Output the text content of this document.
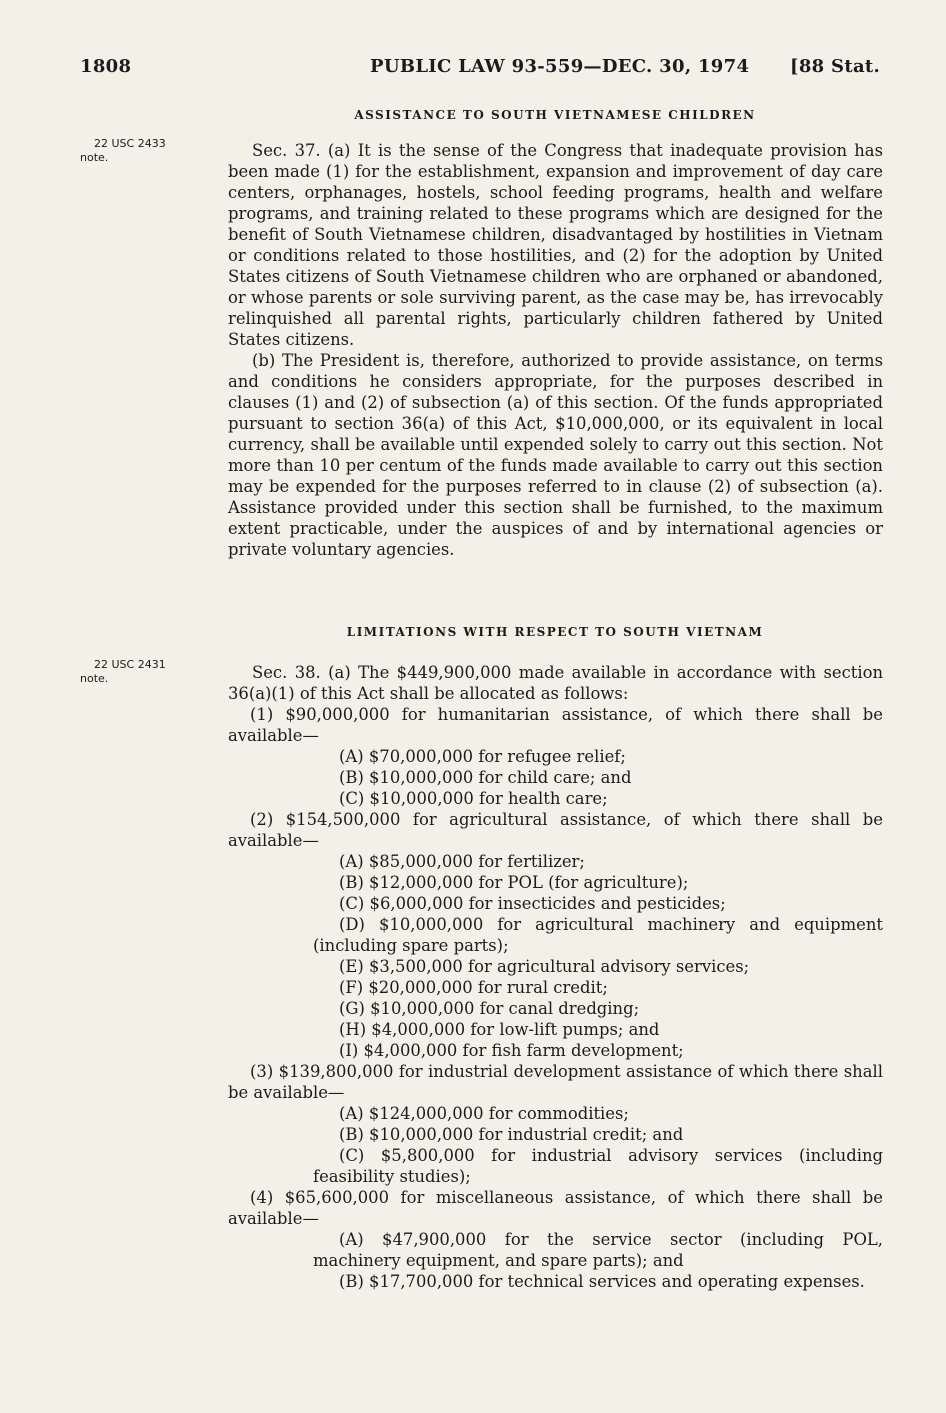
1808	PUBLIC LAW 93-559—DEC. 30, 1974 [88 Stat.
ASSISTANCE TO SOUTH VIETNAMESE CHILDREN
22 USC 2433
note.	Sec. 37. (a) It is the sense of the Congress that inadequate provision has been made (1) for the establishment, expansion and improvement of day care centers, orphanages, hostels, school feeding programs, health and welfare programs, and training related to these programs which are designed for the benefit of South Vietnamese children, disadvantaged by hostilities in Vietnam or conditions related to those hostilities, and (2) for the adoption by United States citizens of South Vietnamese children who are orphaned or abandoned, or whose parents or sole surviving parent, as the case may be, has irrevocably relinquished all parental rights, particularly children fathered by United States citizens.

(b) The President is, therefore, authorized to provide assistance, on terms and conditions he considers appropriate, for the purposes described in clauses (1) and (2) of subsection (a) of this section. Of the funds appropriated pursuant to section 36(a) of this Act, $10,000,000, or its equivalent in local currency, shall be available until expended solely to carry out this section. Not more than 10 per centum of the funds made available to carry out this section may be expended for the purposes referred to in clause (2) of subsection (a). Assistance provided under this section shall be furnished, to the maximum extent practicable, under the auspices of and by international agencies or private voluntary agencies.

LIMITATIONS WITH RESPECT TO SOUTH VIETNAM
22 USC 2431
note.	Sec. 38. (a) The $449,900,000 made available in accordance with section 36(a)(1) of this Act shall be allocated as follows:

(1) $90,000,000 for humanitarian assistance, of which there shall be available—

(A) $70,000,000 for refugee relief;

(B) $10,000,000 for child care; and

(C) $10,000,000 for health care;

(2) $154,500,000 for agricultural assistance, of which there shall be available—

(A) $85,000,000 for fertilizer;

(B) $12,000,000 for POL (for agriculture);

(C) $6,000,000 for insecticides and pesticides;

(D) $10,000,000 for agricultural machinery and equipment (including spare parts);

(E) $3,500,000 for agricultural advisory services;

(F) $20,000,000 for rural credit;

(G) $10,000,000 for canal dredging;

(H) $4,000,000 for low-lift pumps; and

(I) $4,000,000 for fish farm development;

(3) $139,800,000 for industrial development assistance of which there shall be available—

(A) $124,000,000 for commodities;

(B) $10,000,000 for industrial credit; and

(C) $5,800,000 for industrial advisory services (including feasibility studies);

(4) $65,600,000 for miscellaneous assistance, of which there shall be available—

(A) $47,900,000 for the service sector (including POL, machinery equipment, and spare parts); and

(B) $17,700,000 for technical services and operating expenses.
